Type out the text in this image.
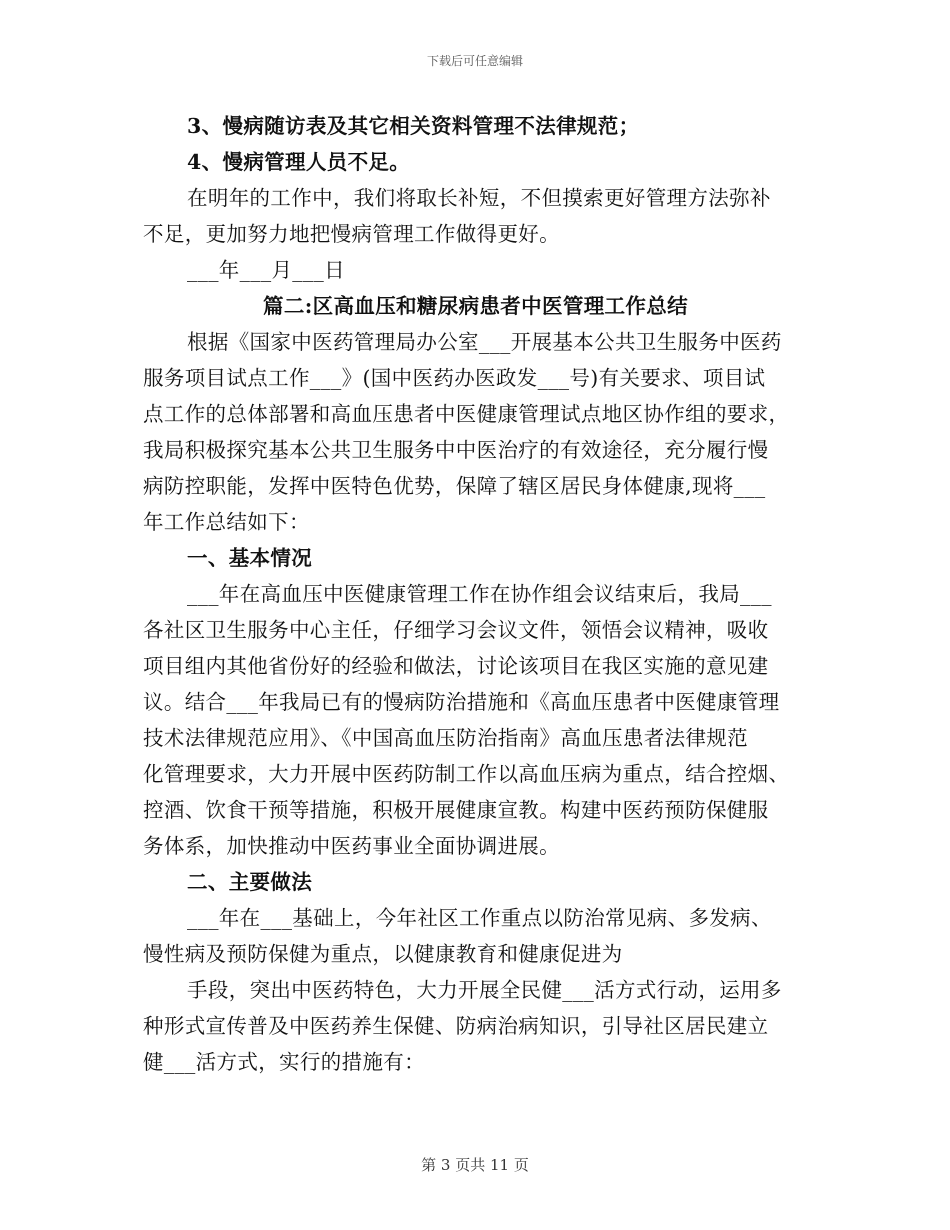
下载后可任意编辑
3、慢病随访表及其它相关资料管理不法律规范；
4、慢病管理人员不足。
在明年的工作中，我们将取长补短，不但摸索更好管理方法弥补
不足，更加努力地把慢病管理工作做得更好。
___年___月___日
篇二:区高血压和糖尿病患者中医管理工作总结
根据《国家中医药管理局办公室___开展基本公共卫生服务中医药
服务项目试点工作___》(国中医药办医政发___号)有关要求、项目试
点工作的总体部署和高血压患者中医健康管理试点地区协作组的要求，
我局积极探究基本公共卫生服务中中医治疗的有效途径，充分履行慢
病防控职能，发挥中医特色优势，保障了辖区居民身体健康,现将___
年工作总结如下：
一、基本情况
___年在高血压中医健康管理工作在协作组会议结束后，我局___
各社区卫生服务中心主任，仔细学习会议文件，领悟会议精神，吸收
项目组内其他省份好的经验和做法，讨论该项目在我区实施的意见建
议。结合___年我局已有的慢病防治措施和《高血压患者中医健康管理
技术法律规范应用》、《中国高血压防治指南》高血压患者法律规范
化管理要求，大力开展中医药防制工作以高血压病为重点，结合控烟、
控酒、饮食干预等措施，积极开展健康宣教。构建中医药预防保健服
务体系，加快推动中医药事业全面协调进展。
二、主要做法
___年在___基础上，今年社区工作重点以防治常见病、多发病、
慢性病及预防保健为重点，以健康教育和健康促进为
手段，突出中医药特色，大力开展全民健___活方式行动，运用多
种形式宣传普及中医药养生保健、防病治病知识，引导社区居民建立
健___活方式，实行的措施有：
第 3 页共 11 页
